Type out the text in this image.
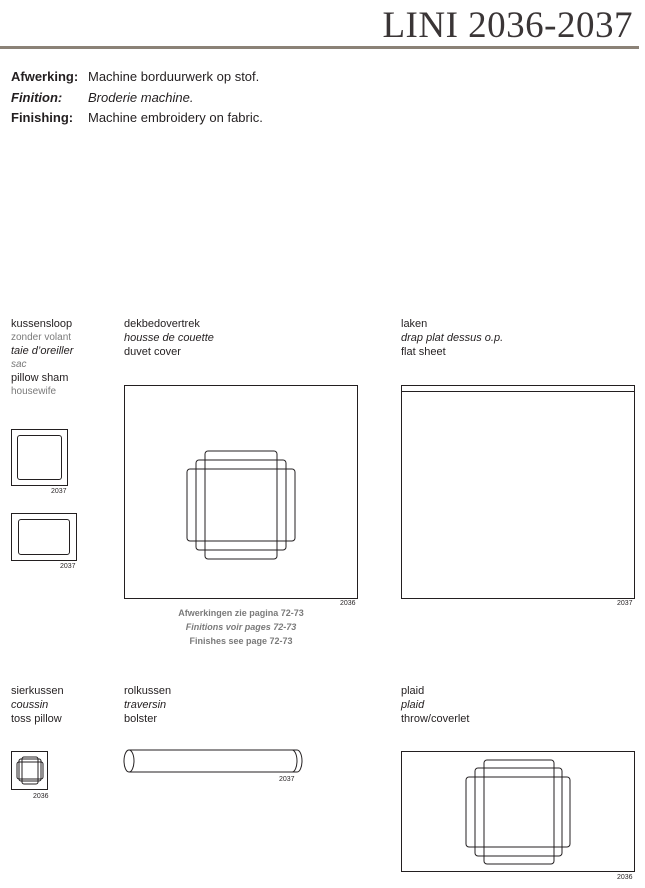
LINI 2036-2037
Afwerking: Machine borduurwerk op stof.
Finition: Broderie machine.
Finishing: Machine embroidery on fabric.
kussensloop
zonder volant
taie d’oreiller
sac
pillow sham
housewife
2037
2037
dekbedovertrek
housse de couette
duvet cover
2036
Afwerkingen zie pagina 72-73
Finitions voir pages 72-73
Finishes see page 72-73
laken
drap plat dessus o.p.
flat sheet
2037
sierkussen
coussin
toss pillow
2036
rolkussen
traversin
bolster
2037
plaid
plaid
throw/coverlet
2036
